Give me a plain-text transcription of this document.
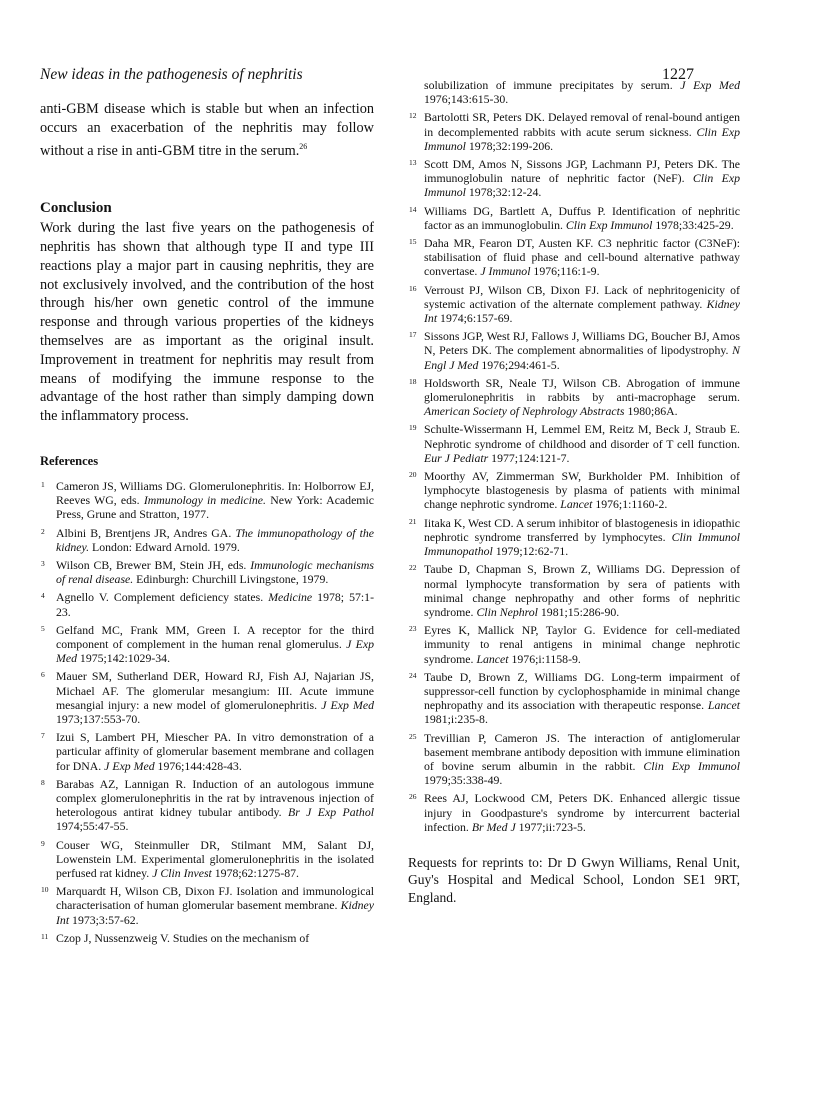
New ideas in the pathogenesis of nephritis	1227

anti-GBM disease which is stable but when an infection occurs an exacerbation of the nephritis may follow without a rise in anti-GBM titre in the serum.$^{26}$

Conclusion

Work during the last five years on the pathogenesis of nephritis has shown that although type II and type III reactions play a major part in causing nephritis, they are not exclusively involved, and the contribution of the host through his/her own genetic control of the immune response and through various properties of the kidneys themselves are as important as the original insult. Improvement in treatment for nephritis may result from means of modifying the immune response to the advantage of the host rather than simply damping down the inflammatory process.

References

1 Cameron JS, Williams DG. Glomerulonephritis. In: Holborrow EJ, Reeves WG, eds. Immunology in medicine. New York: Academic Press, Grune and Stratton, 1977.

2 Albini B, Brentjens JR, Andres GA. The immunopathology of the kidney. London: Edward Arnold. 1979.

3 Wilson CB, Brewer BM, Stein JH, eds. Immunologic mechanisms of renal disease. Edinburgh: Churchill Livingstone, 1979.

4 Agnello V. Complement deficiency states. Medicine 1978; 57:1-23.

5 Gelfand MC, Frank MM, Green I. A receptor for the third component of complement in the human renal glomerulus. J Exp Med 1975;142:1029-34.

6 Mauer SM, Sutherland DER, Howard RJ, Fish AJ, Najarian JS, Michael AF. The glomerular mesangium: III. Acute immune mesangial injury: a new model of glomerulonephritis. J Exp Med 1973;137:553-70.

7 Izui S, Lambert PH, Miescher PA. In vitro demonstration of a particular affinity of glomerular basement membrane and collagen for DNA. J Exp Med 1976;144:428-43.

8 Barabas AZ, Lannigan R. Induction of an autologous immune complex glomerulonephritis in the rat by intravenous injection of heterologous antirat kidney tubular antibody. Br J Exp Pathol 1974;55:47-55.

9 Couser WG, Steinmuller DR, Stilmant MM, Salant DJ, Lowenstein LM. Experimental glomerulonephritis in the isolated perfused rat kidney. J Clin Invest 1978;62:1275-87.

10 Marquardt H, Wilson CB, Dixon FJ. Isolation and immunological characterisation of human glomerular basement membrane. Kidney Int 1973;3:57-62.

11 Czop J, Nussenzweig V. Studies on the mechanism of

solubilization of immune precipitates by serum. J Exp Med 1976;143:615-30.

12 Bartolotti SR, Peters DK. Delayed removal of renal-bound antigen in decomplemented rabbits with acute serum sickness. Clin Exp Immunol 1978;32:199-206.

13 Scott DM, Amos N, Sissons JGP, Lachmann PJ, Peters DK. The immunoglobulin nature of nephritic factor (NeF). Clin Exp Immunol 1978;32:12-24.

14 Williams DG, Bartlett A, Duffus P. Identification of nephritic factor as an immunoglobulin. Clin Exp Immunol 1978;33:425-29.

15 Daha MR, Fearon DT, Austen KF. C3 nephritic factor (C3NeF): stabilisation of fluid phase and cell-bound alternative pathway convertase. J Immunol 1976;116:1-9.

16 Verroust PJ, Wilson CB, Dixon FJ. Lack of nephritogenicity of systemic activation of the alternate complement pathway. Kidney Int 1974;6:157-69.

17 Sissons JGP, West RJ, Fallows J, Williams DG, Boucher BJ, Amos N, Peters DK. The complement abnormalities of lipodystrophy. N Engl J Med 1976;294:461-5.

18 Holdsworth SR, Neale TJ, Wilson CB. Abrogation of immune glomerulonephritis in rabbits by anti-macrophage serum. American Society of Nephrology Abstracts 1980;86A.

19 Schulte-Wissermann H, Lemmel EM, Reitz M, Beck J, Straub E. Nephrotic syndrome of childhood and disorder of T cell function. Eur J Pediatr 1977;124:121-7.

20 Moorthy AV, Zimmerman SW, Burkholder PM. Inhibition of lymphocyte blastogenesis by plasma of patients with minimal change nephrotic syndrome. Lancet 1976;1:1160-2.

21 Iitaka K, West CD. A serum inhibitor of blastogenesis in idiopathic nephrotic syndrome transferred by lymphocytes. Clin Immunol Immunopathol 1979;12:62-71.

22 Taube D, Chapman S, Brown Z, Williams DG. Depression of normal lymphocyte transformation by sera of patients with minimal change nephropathy and other forms of nephritic syndrome. Clin Nephrol 1981;15:286-90.

23 Eyres K, Mallick NP, Taylor G. Evidence for cell-mediated immunity to renal antigens in minimal change nephrotic syndrome. Lancet 1976;i:1158-9.

24 Taube D, Brown Z, Williams DG. Long-term impairment of suppressor-cell function by cyclophosphamide in minimal change nephropathy and its association with therapeutic response. Lancet 1981;i:235-8.

25 Trevillian P, Cameron JS. The interaction of antiglomerular basement membrane antibody deposition with immune elimination of bovine serum albumin in the rabbit. Clin Exp Immunol 1979;35:338-49.

26 Rees AJ, Lockwood CM, Peters DK. Enhanced allergic tissue injury in Goodpasture's syndrome by intercurrent bacterial infection. Br Med J 1977;ii:723-5.

Requests for reprints to: Dr D Gwyn Williams, Renal Unit, Guy's Hospital and Medical School, London SE1 9RT, England.
